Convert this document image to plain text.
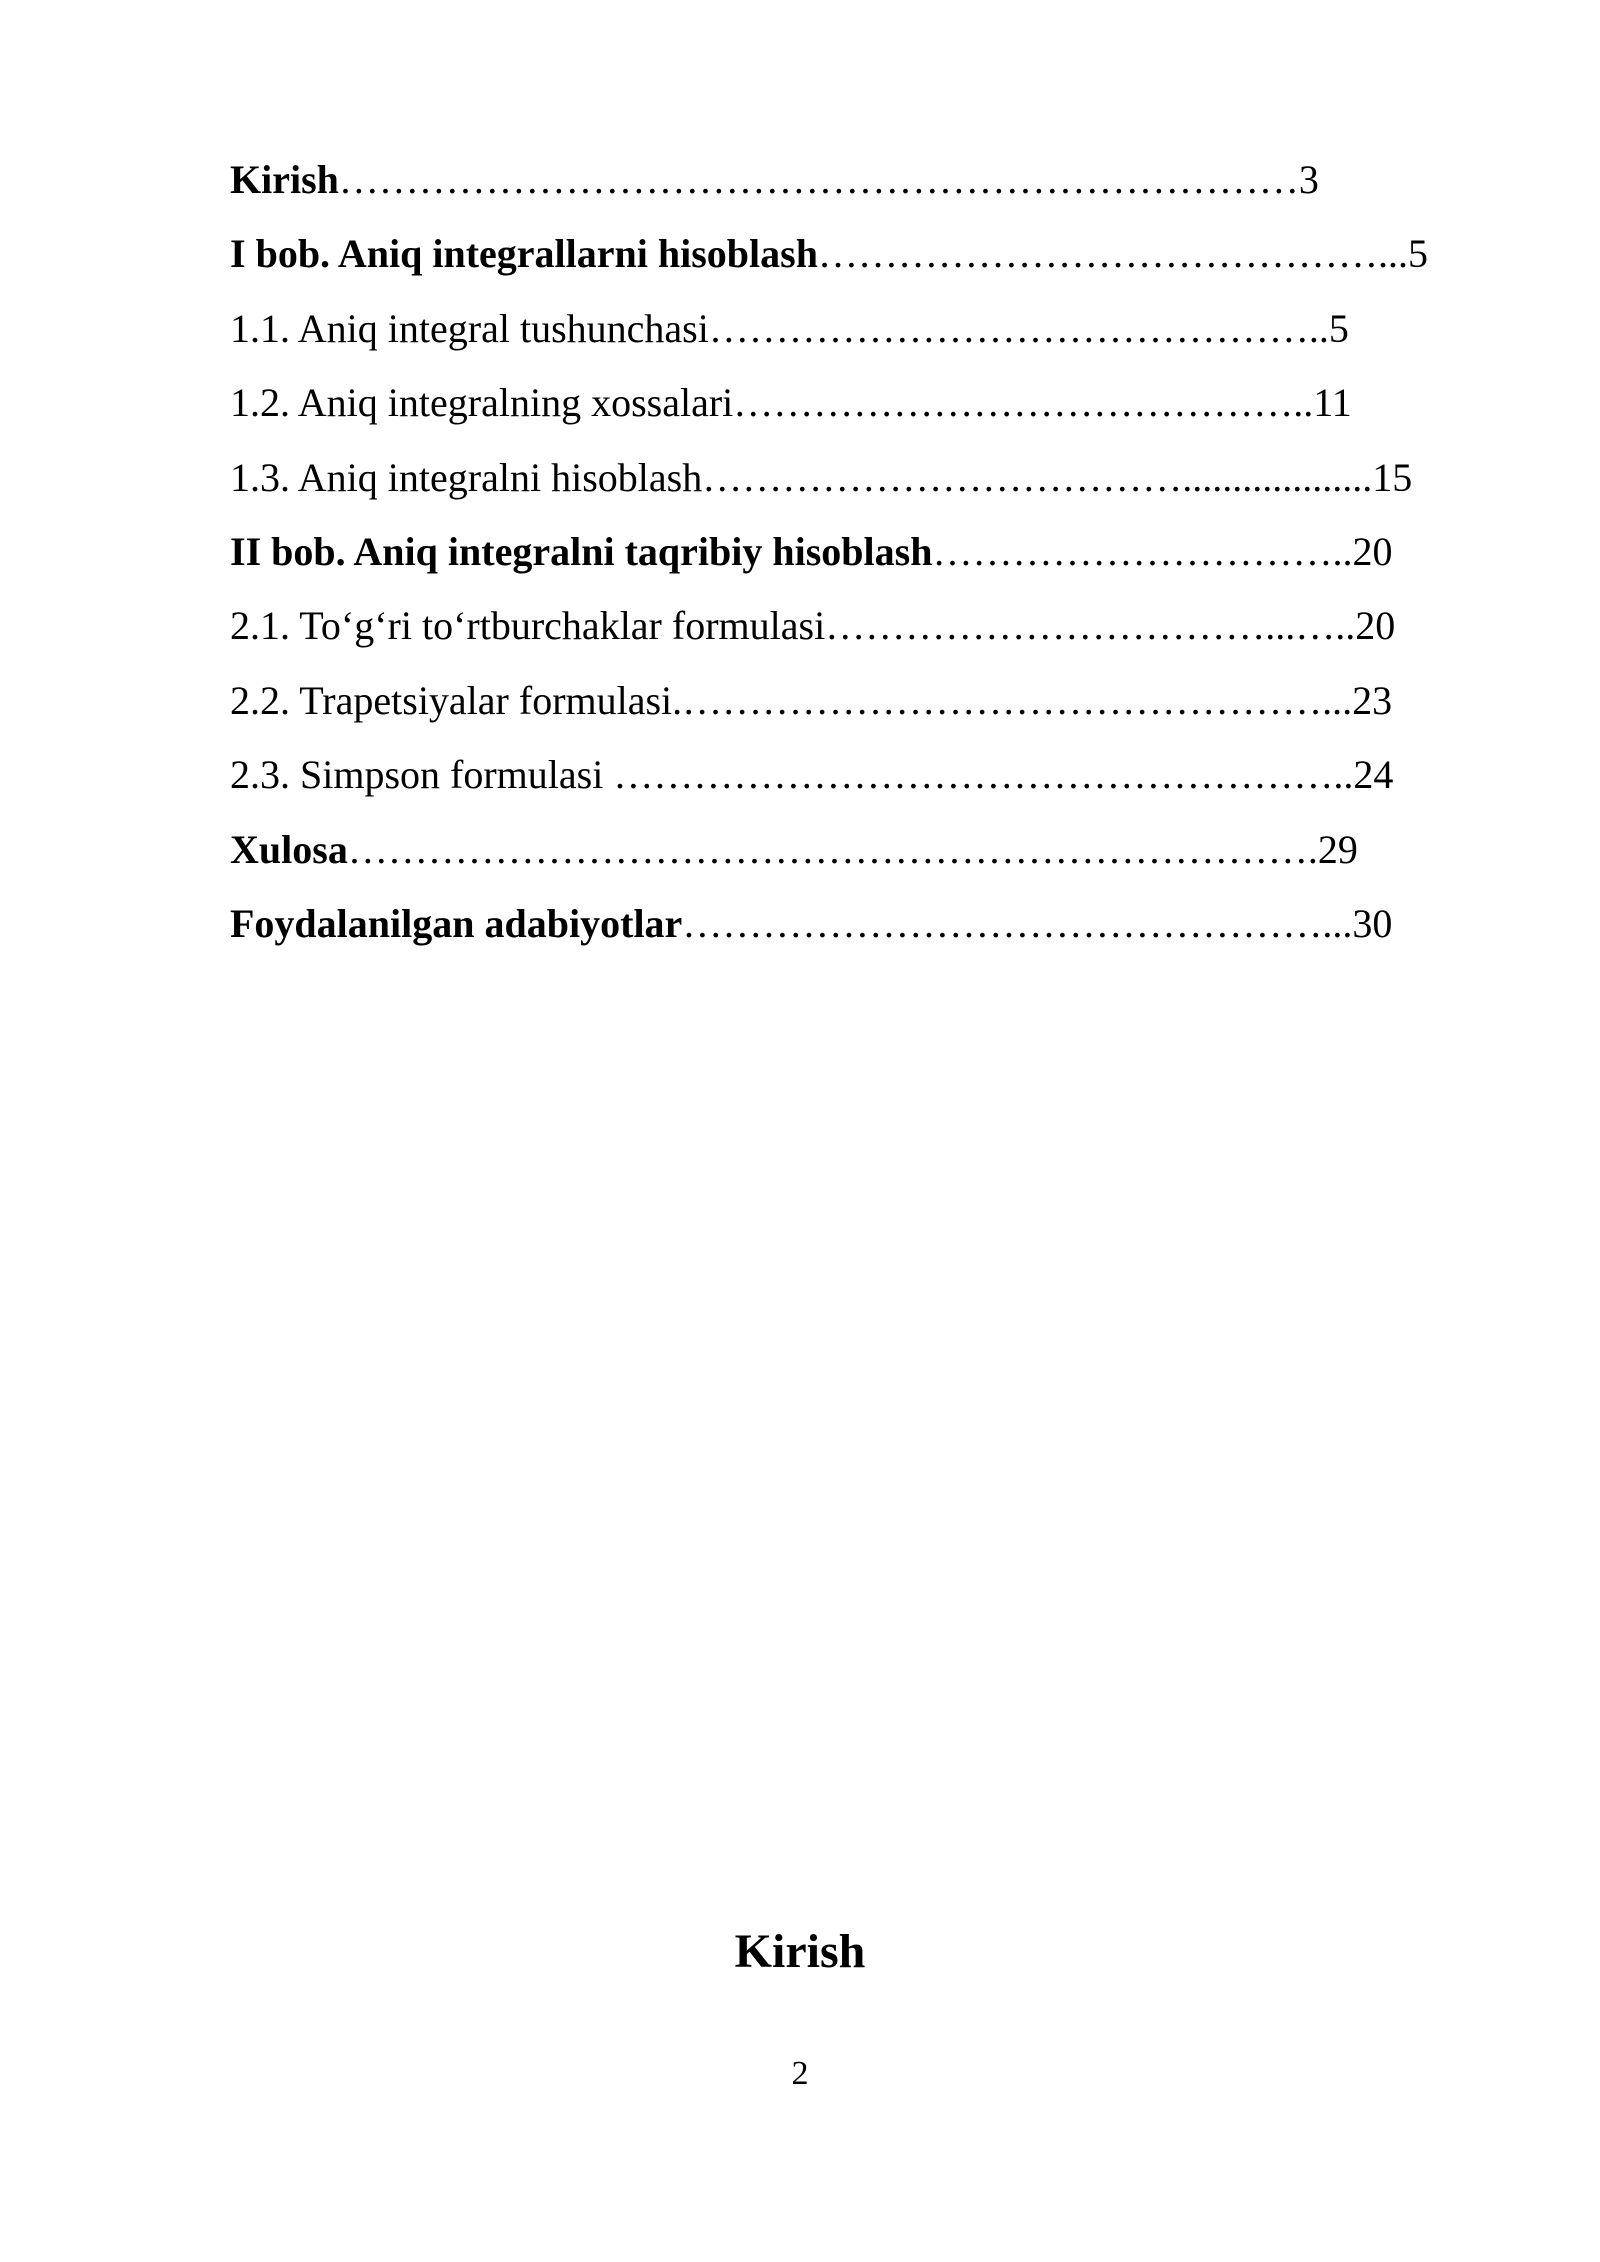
Kirish………………………………………………………………3
I bob. Aniq integrallarni hisoblash……………………………………...5
1.1. Aniq integral tushunchasi………………………………………..5
1.2. Aniq integralning xossalari……………………………………..11
1.3. Aniq integralni hisoblash………………………………...................15
II bob. Aniq integralni taqribiy hisoblash…………………………..20
2.1. To‘g‘ri to‘rtburchaklar formulasi……………………………...…..20
2.2. Trapetsiyalar formulasi.…………………………………………...23
2.3. Simpson formulasi ………………………………………………..24
Xulosa……………………………………………………………….29
Foydalanilgan adabiyotlar…………………………………………...30
Kirish
2
